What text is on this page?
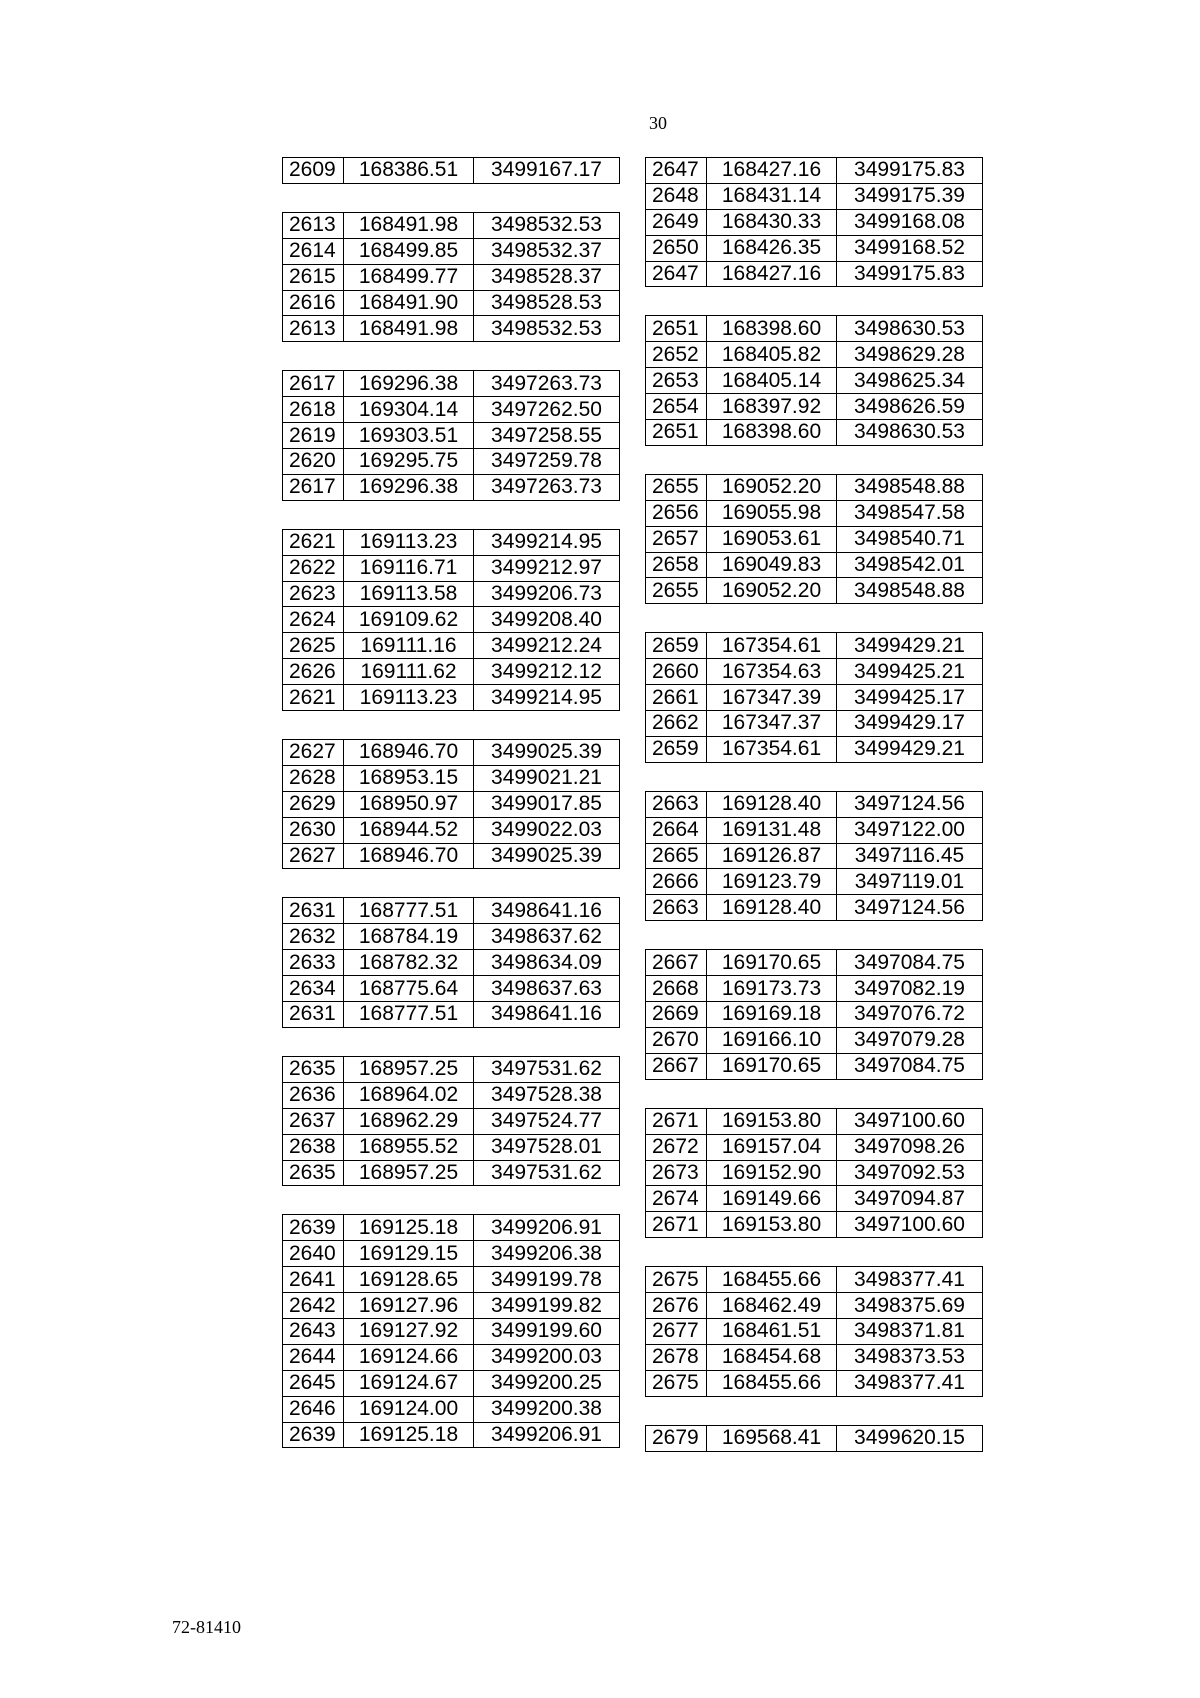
30
2609	168386.51	3499167.17
2613	168491.98	3498532.53
2614	168499.85	3498532.37
2615	168499.77	3498528.37
2616	168491.90	3498528.53
2613	168491.98	3498532.53
2617	169296.38	3497263.73
2618	169304.14	3497262.50
2619	169303.51	3497258.55
2620	169295.75	3497259.78
2617	169296.38	3497263.73
2621	169113.23	3499214.95
2622	169116.71	3499212.97
2623	169113.58	3499206.73
2624	169109.62	3499208.40
2625	169111.16	3499212.24
2626	169111.62	3499212.12
2621	169113.23	3499214.95
2627	168946.70	3499025.39
2628	168953.15	3499021.21
2629	168950.97	3499017.85
2630	168944.52	3499022.03
2627	168946.70	3499025.39
2631	168777.51	3498641.16
2632	168784.19	3498637.62
2633	168782.32	3498634.09
2634	168775.64	3498637.63
2631	168777.51	3498641.16
2635	168957.25	3497531.62
2636	168964.02	3497528.38
2637	168962.29	3497524.77
2638	168955.52	3497528.01
2635	168957.25	3497531.62
2639	169125.18	3499206.91
2640	169129.15	3499206.38
2641	169128.65	3499199.78
2642	169127.96	3499199.82
2643	169127.92	3499199.60
2644	169124.66	3499200.03
2645	169124.67	3499200.25
2646	169124.00	3499200.38
2639	169125.18	3499206.91
2647	168427.16	3499175.83
2648	168431.14	3499175.39
2649	168430.33	3499168.08
2650	168426.35	3499168.52
2647	168427.16	3499175.83
2651	168398.60	3498630.53
2652	168405.82	3498629.28
2653	168405.14	3498625.34
2654	168397.92	3498626.59
2651	168398.60	3498630.53
2655	169052.20	3498548.88
2656	169055.98	3498547.58
2657	169053.61	3498540.71
2658	169049.83	3498542.01
2655	169052.20	3498548.88
2659	167354.61	3499429.21
2660	167354.63	3499425.21
2661	167347.39	3499425.17
2662	167347.37	3499429.17
2659	167354.61	3499429.21
2663	169128.40	3497124.56
2664	169131.48	3497122.00
2665	169126.87	3497116.45
2666	169123.79	3497119.01
2663	169128.40	3497124.56
2667	169170.65	3497084.75
2668	169173.73	3497082.19
2669	169169.18	3497076.72
2670	169166.10	3497079.28
2667	169170.65	3497084.75
2671	169153.80	3497100.60
2672	169157.04	3497098.26
2673	169152.90	3497092.53
2674	169149.66	3497094.87
2671	169153.80	3497100.60
2675	168455.66	3498377.41
2676	168462.49	3498375.69
2677	168461.51	3498371.81
2678	168454.68	3498373.53
2675	168455.66	3498377.41
2679	169568.41	3499620.15
72-81410
